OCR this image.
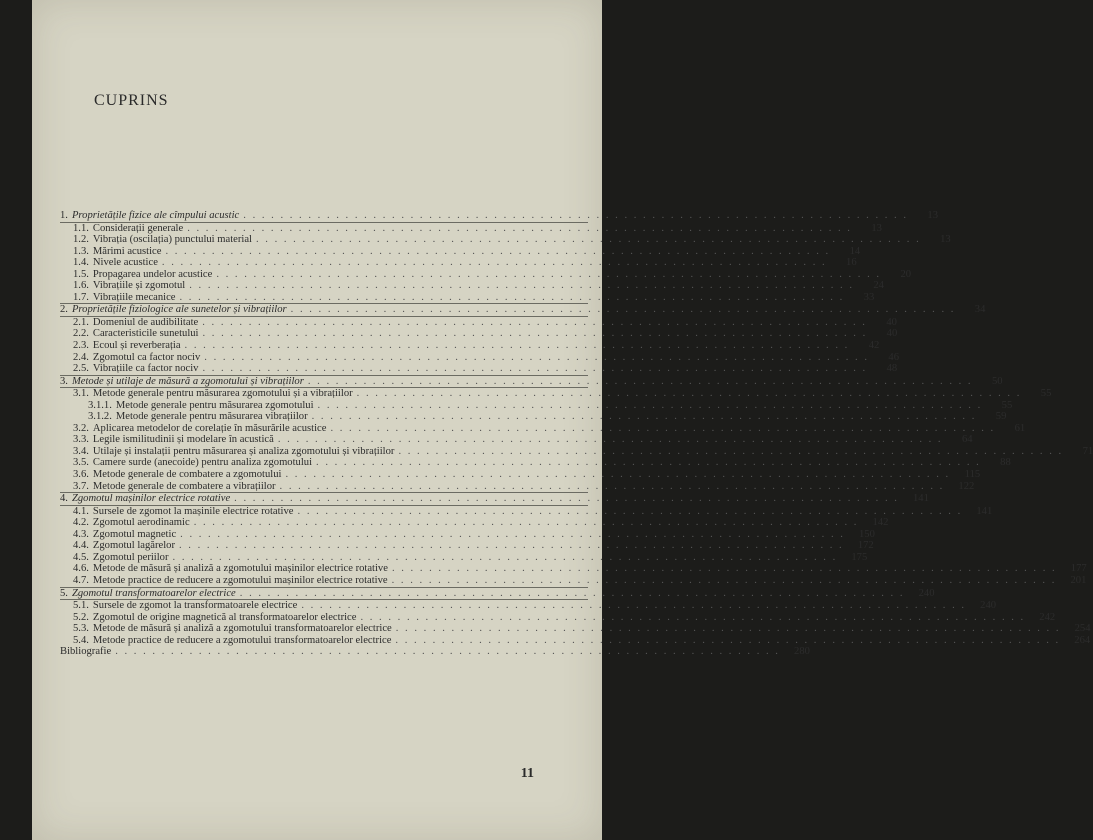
CUPRINS
1. Proprietățile fizice ale cîmpului acustic . . .	13
1.1. Considerații generale . . .	13
1.2. Vibrația (oscilația) punctului material . . .	13
1.3. Mărimi acustice . . .	14
1.4. Nivele acustice . . .	16
1.5. Propagarea undelor acustice . . .	20
1.6. Vibrațiile și zgomotul . . .	24
1.7. Vibrațiile mecanice . . .	33
2. Proprietățile fiziologice ale sunetelor și vibrațiilor . . .	34
2.1. Domeniul de audibilitate . . .	40
2.2. Caracteristicile sunetului . . .	40
2.3. Ecoul și reverberația . . .	42
2.4. Zgomotul ca factor nociv . . .	46
2.5. Vibrațiile ca factor nociv . . .	48
3. Metode și utilaje de măsură a zgomotului și vibrațiilor . . .	50
3.1. Metode generale pentru măsurarea zgomotului și a vibrațiilor . . .	55
3.1.1. Metode generale pentru măsurarea zgomotului . . .	55
3.1.2. Metode generale pentru măsurarea vibrațiilor . . .	59
3.2. Aplicarea metodelor de corelație în măsurările acustice . . .	61
3.3. Legile ismilitudinii și modelare în acustică . . .	64
3.4. Utilaje și instalații pentru măsurarea și analiza zgomotului și vibrațiilor . . .	71
3.5. Camere surde (anecoide) pentru analiza zgomotului . . .	88
3.6. Metode generale de combatere a zgomotului . . .	115
3.7. Metode generale de combatere a vibrațiilor . . .	122
4. Zgomotul mașinilor electrice rotative . . .	141
4.1. Sursele de zgomot la mașinile electrice rotative . . .	141
4.2. Zgomotul aerodinamic . . .	142
4.3. Zgomotul magnetic . . .	150
4.4. Zgomotul lagărelor . . .	172
4.5. Zgomotul periilor . . .	175
4.6. Metode de măsură și analiză a zgomotului mașinilor electrice rotative . . .	177
4.7. Metode practice de reducere a zgomotului mașinilor electrice rotative . . .	201
5. Zgomotul transformatoarelor electrice . . .	240
5.1. Sursele de zgomot la transformatoarele electrice . . .	240
5.2. Zgomotul de origine magnetică al transformatoarelor electrice . . .	242
5.3. Metode de măsură și analiză a zgomotului transformatoarelor electrice . . .	254
5.4. Metode practice de reducere a zgomotului transformatoarelor electrice . . .	264
Bibliografie . . .	280
11
